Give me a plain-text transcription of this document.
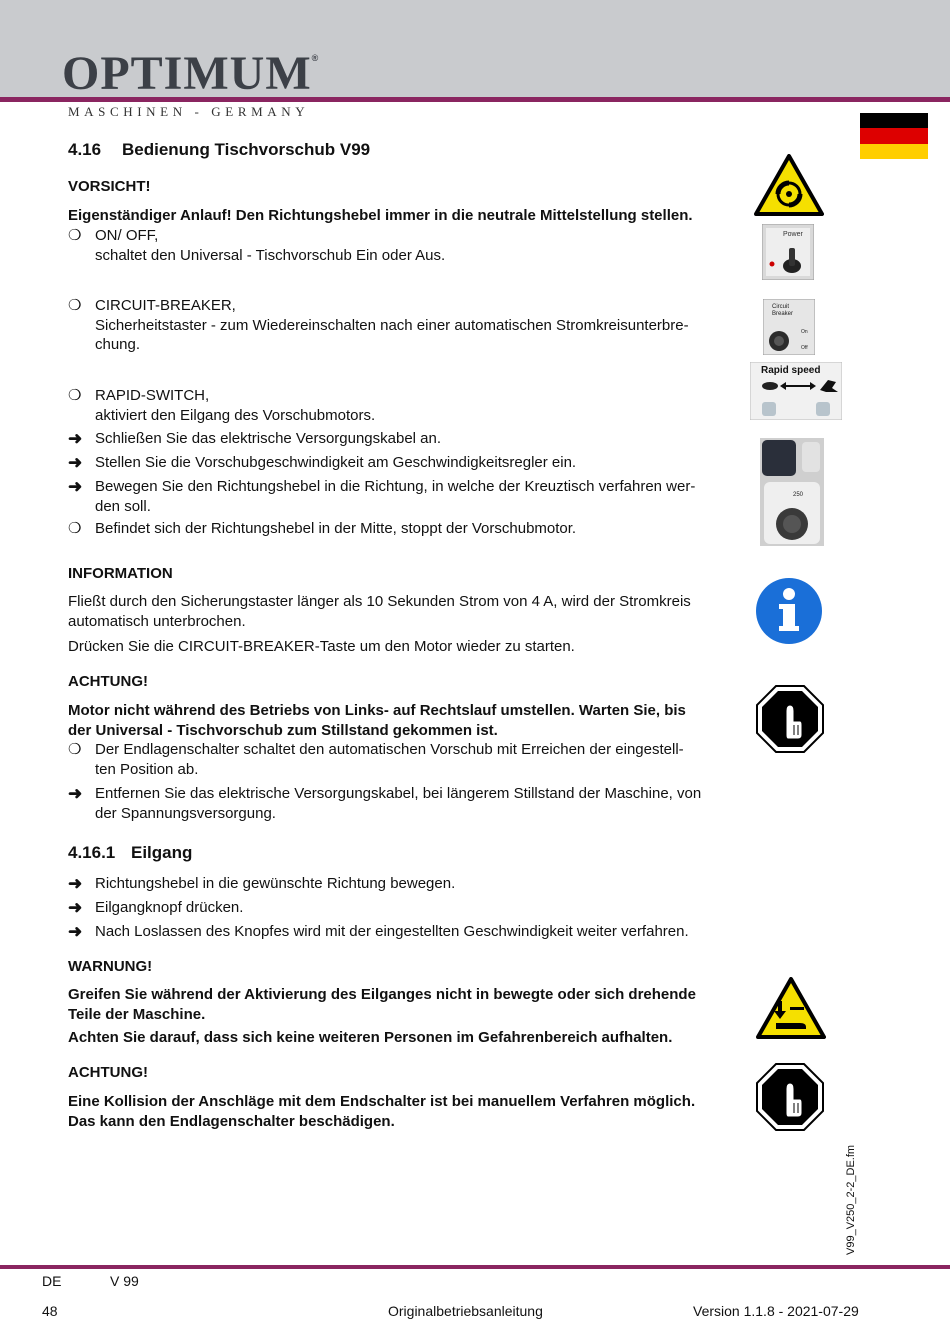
OPTIMUM®
MASCHINEN - GERMANY
4.16 Bedienung Tischvorschub V99
VORSICHT!
Eigenständiger Anlauf! Den Richtungshebel immer in die neutrale Mittelstellung stellen.
❍ ON/ OFF,
schaltet den Universal - Tischvorschub Ein oder Aus.
❍ CIRCUIT-BREAKER,
Sicherheitstaster - zum Wiedereinschalten nach einer automatischen Stromkreisunterbre-
chung.
❍ RAPID-SWITCH,
aktiviert den Eilgang des Vorschubmotors.
➜ Schließen Sie das elektrische Versorgungskabel an.
➜ Stellen Sie die Vorschubgeschwindigkeit am Geschwindigkeitsregler ein.
➜ Bewegen Sie den Richtungshebel in die Richtung, in welche der Kreuztisch verfahren wer-
den soll.
❍ Befindet sich der Richtungshebel in der Mitte, stoppt der Vorschubmotor.
INFORMATION
Fließt durch den Sicherungstaster länger als 10 Sekunden Strom von 4 A, wird der Stromkreis
automatisch unterbrochen.
Drücken Sie die CIRCUIT-BREAKER-Taste um den Motor wieder zu starten.
ACHTUNG!
Motor nicht während des Betriebs von Links- auf Rechtslauf umstellen. Warten Sie, bis
der Universal - Tischvorschub zum Stillstand gekommen ist.
❍ Der Endlagenschalter schaltet den automatischen Vorschub mit Erreichen der eingestell-
ten Position ab.
➜ Entfernen Sie das elektrische Versorgungskabel, bei längerem Stillstand der Maschine, von
der Spannungsversorgung.
4.16.1 Eilgang
➜ Richtungshebel in die gewünschte Richtung bewegen.
➜ Eilgangknopf drücken.
➜ Nach Loslassen des Knopfes wird mit der eingestellten Geschwindigkeit weiter verfahren.
WARNUNG!
Greifen Sie während der Aktivierung des Eilganges nicht in bewegte oder sich drehende
Teile der Maschine.
Achten Sie darauf, dass sich keine weiteren Personen im Gefahrenbereich aufhalten.
ACHTUNG!
Eine Kollision der Anschläge mit dem Endschalter ist bei manuellem Verfahren möglich.
Das kann den Endlagenschalter beschädigen.
Power
Circuit
Breaker
On
Off
Rapid speed
250
V99_V250_2-2_DE.fm
DE	V 99
48	Originalbetriebsanleitung	Version 1.1.8 - 2021-07-29
